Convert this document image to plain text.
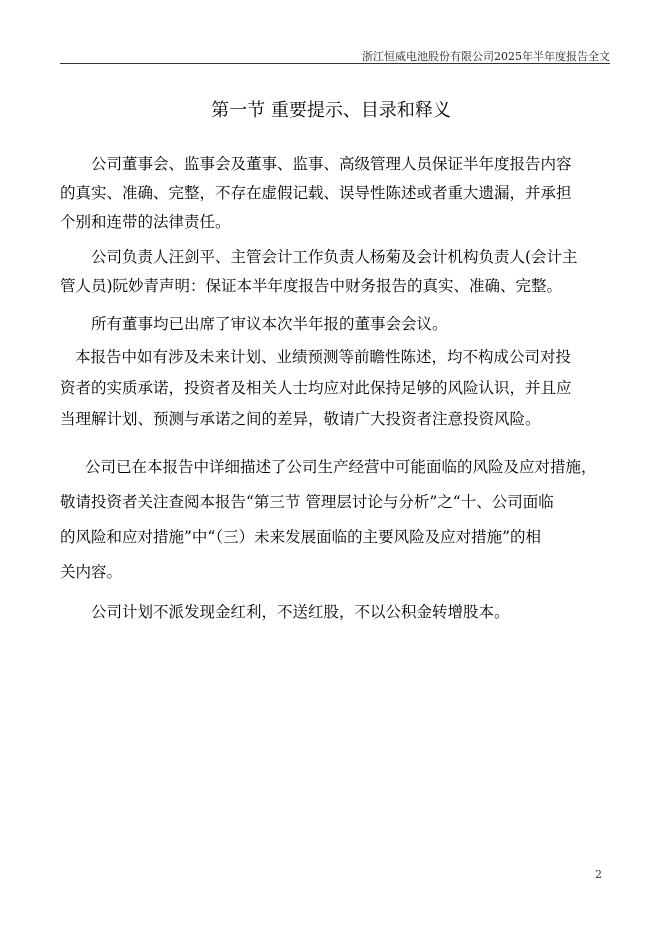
浙江恒威电池股份有限公司2025年半年度报告全文
第一节 重要提示、目录和释义
公司董事会、监事会及董事、监事、高级管理人员保证半年度报告内容
的真实、准确、完整，不存在虚假记载、误导性陈述或者重大遗漏，并承担
个别和连带的法律责任。
公司负责人汪剑平、主管会计工作负责人杨菊及会计机构负责人(会计主
管人员)阮妙青声明：保证本半年度报告中财务报告的真实、准确、完整。
所有董事均已出席了审议本次半年报的董事会会议。
本报告中如有涉及未来计划、业绩预测等前瞻性陈述，均不构成公司对投
资者的实质承诺，投资者及相关人士均应对此保持足够的风险认识，并且应
当理解计划、预测与承诺之间的差异，敬请广大投资者注意投资风险。
公司已在本报告中详细描述了公司生产经营中可能面临的风险及应对措施，
敬请投资者关注查阅本报告“第三节 管理层讨论与分析”之“十、公司面临
的风险和应对措施”中“（三）未来发展面临的主要风险及应对措施”的相
关内容。
公司计划不派发现金红利，不送红股，不以公积金转增股本。
2
